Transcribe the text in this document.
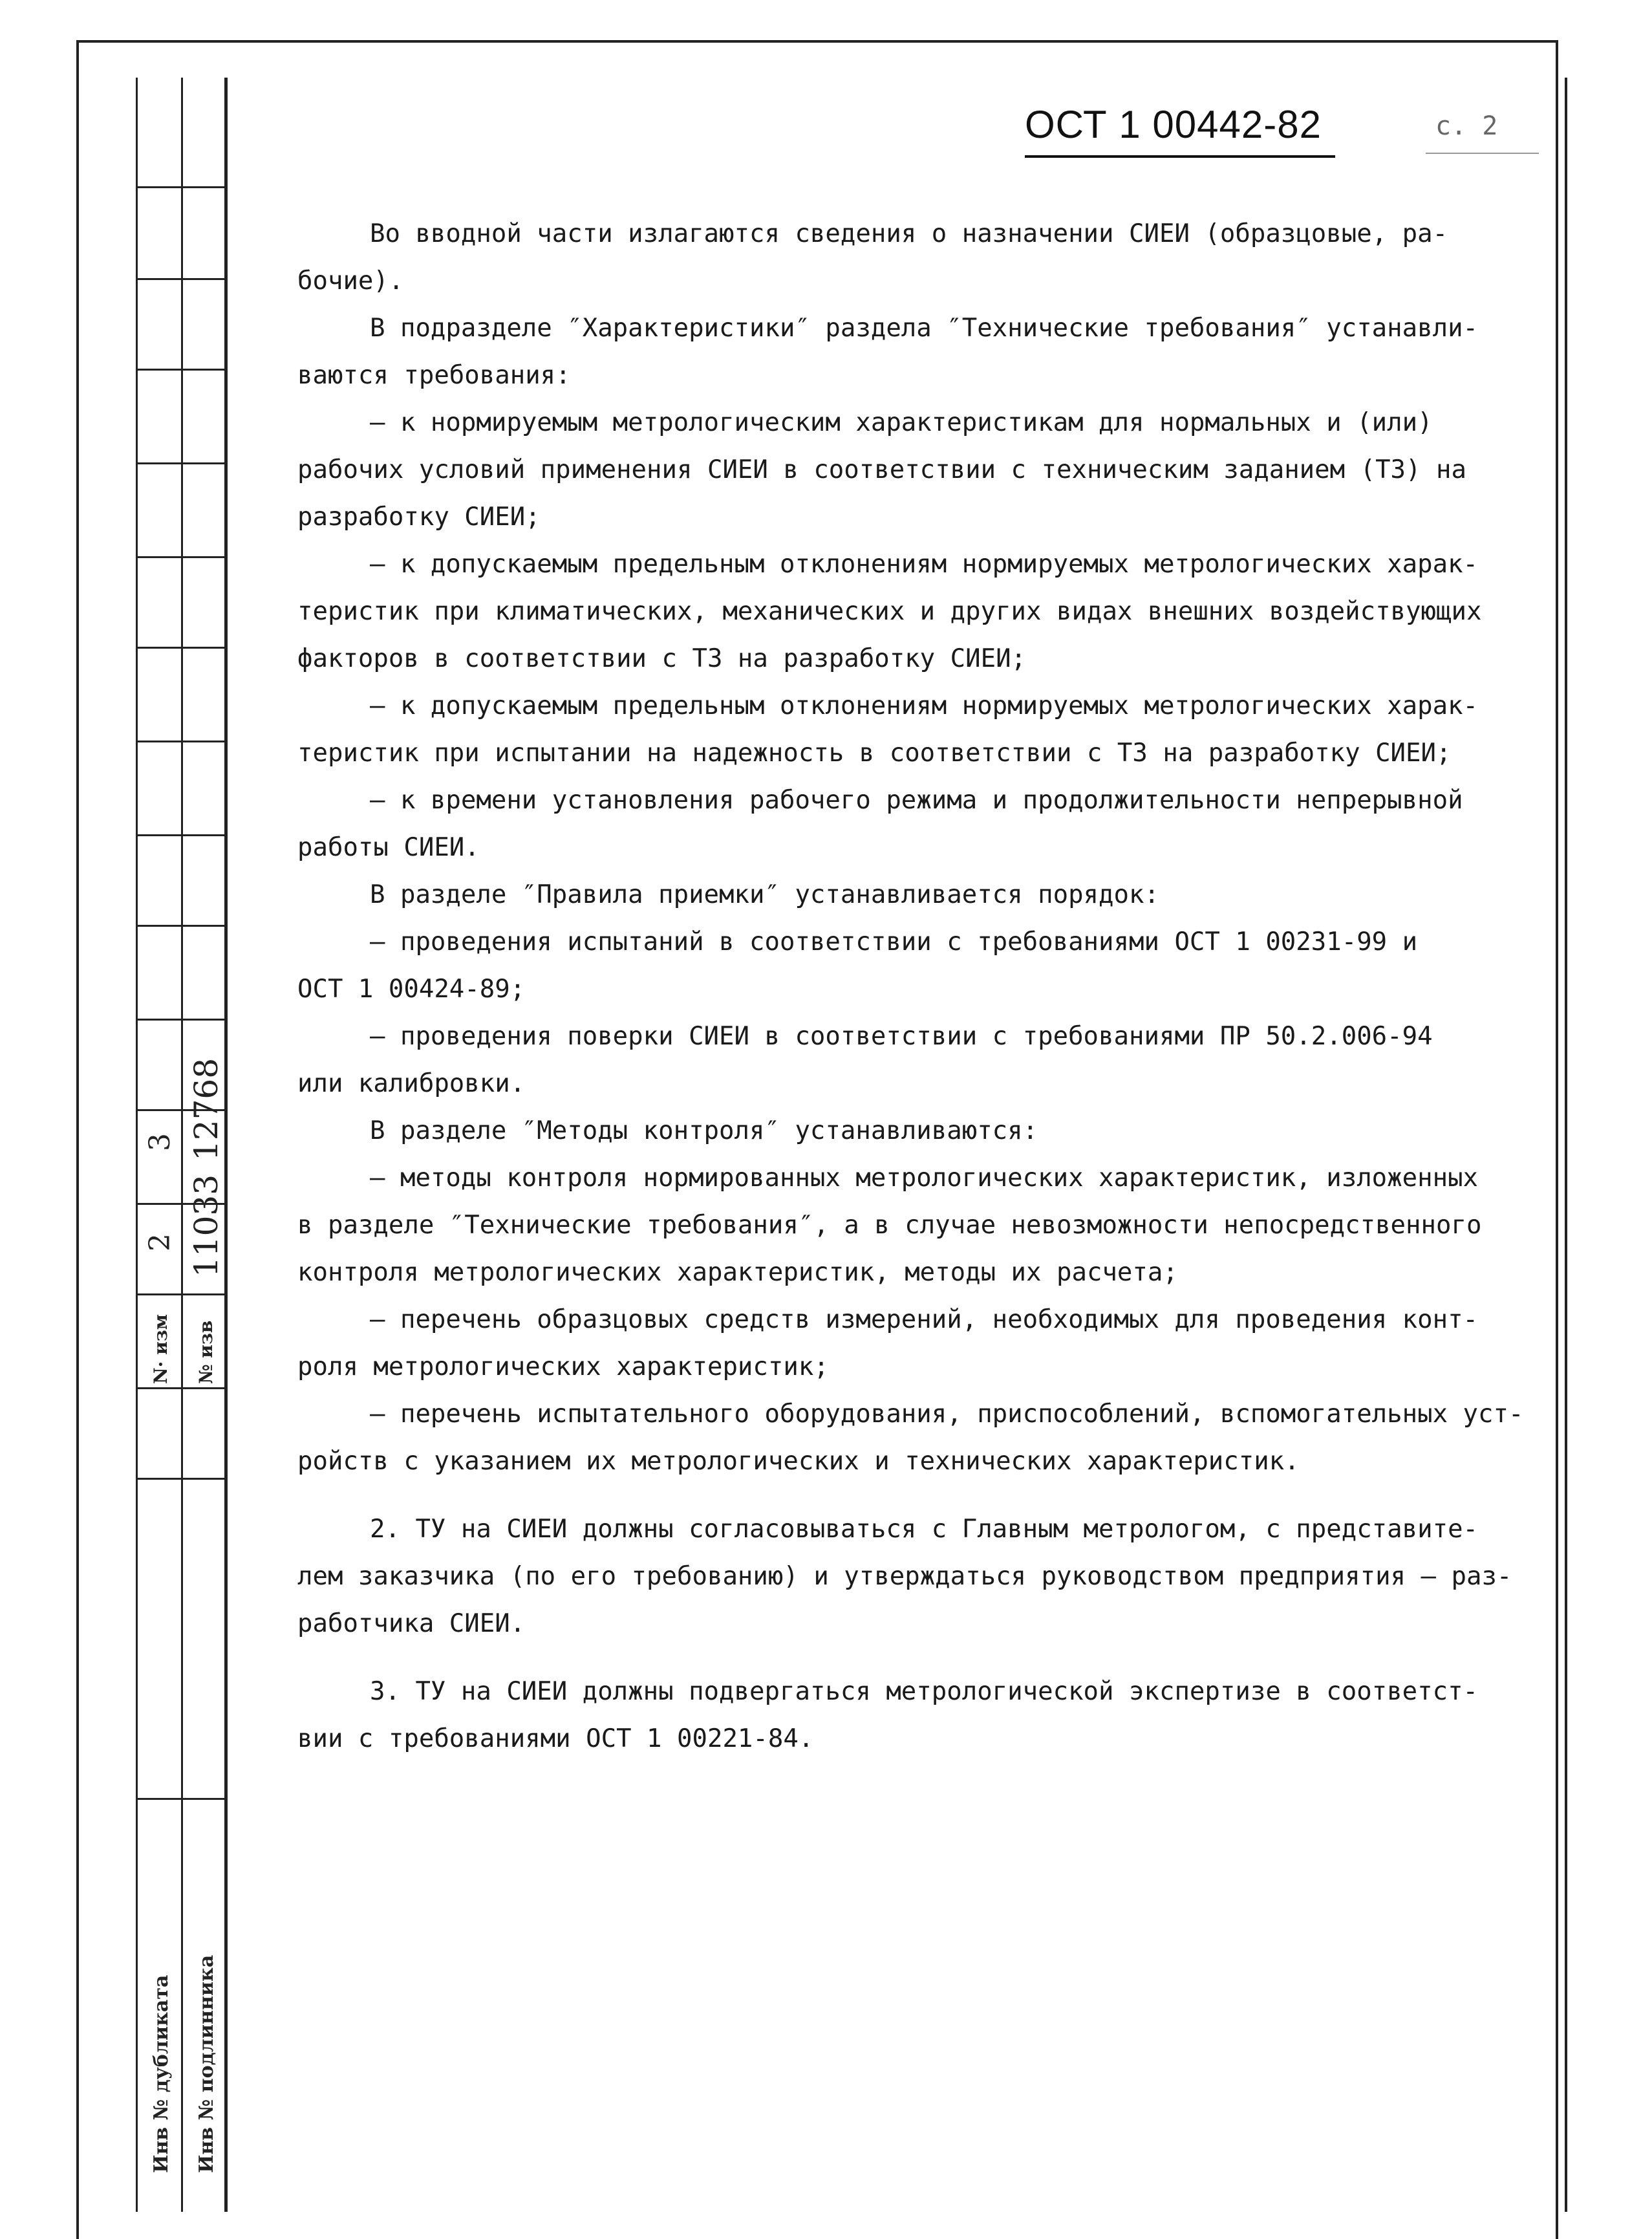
3 12768
2 11033
N· изм № изв
Инв № дубликата Инв № подлинника
ОСТ 1 00442-82	с. 2

Во вводной части излагаются сведения о назначении СИЕИ (образцовые, ра-

бочие).

В подразделе ″Характеристики″ раздела ″Технические требования″ устанавли-

ваются требования:

– к нормируемым метрологическим характеристикам для нормальных и (или)

рабочих условий применения СИЕИ в соответствии с техническим заданием (ТЗ) на

разработку СИЕИ;

– к допускаемым предельным отклонениям нормируемых метрологических харак-

теристик при климатических, механических и других видах внешних воздействующих

факторов в соответствии с ТЗ на разработку СИЕИ;

– к допускаемым предельным отклонениям нормируемых метрологических харак-

теристик при испытании на надежность в соответствии с ТЗ на разработку СИЕИ;

– к времени установления рабочего режима и продолжительности непрерывной

работы СИЕИ.

В разделе ″Правила приемки″ устанавливается порядок:

– проведения испытаний в соответствии с требованиями ОСТ 1 00231-99 и

ОСТ 1 00424-89;

– проведения поверки СИЕИ в соответствии с требованиями ПР 50.2.006-94

или калибровки.

В разделе ″Методы контроля″ устанавливаются:

– методы контроля нормированных метрологических характеристик, изложенных

в разделе ″Технические требования″, а в случае невозможности непосредственного

контроля метрологических характеристик, методы их расчета;

– перечень образцовых средств измерений, необходимых для проведения конт-

роля метрологических характеристик;

– перечень испытательного оборудования, приспособлений, вспомогательных уст-

ройств с указанием их метрологических и технических характеристик.

2. ТУ на СИЕИ должны согласовываться с Главным метрологом, с представите-

лем заказчика (по его требованию) и утверждаться руководством предприятия – раз-

работчика СИЕИ.

3. ТУ на СИЕИ должны подвергаться метрологической экспертизе в соответст-

вии с требованиями ОСТ 1 00221-84.
